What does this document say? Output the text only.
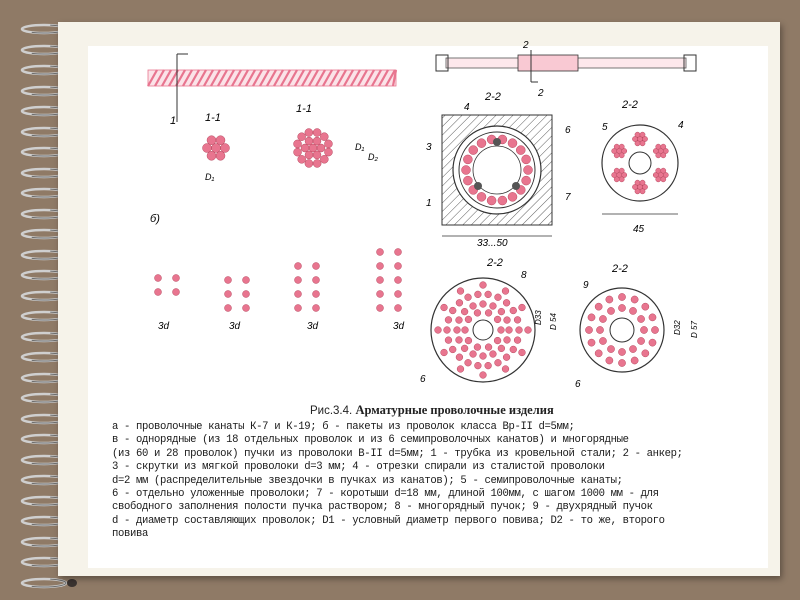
1
2
2
1-1
1-1
D₁
D₁
D₂
б)
3d	3d	3d	3d
2-2
33...50
3
4
6
1
7
2-2
45
5	4
2-2
8
6
D33 D 54
2-2
9
6
D32 D 57
Рис.3.4. Арматурные проволочные изделия
а - проволочные канаты К-7 и К-19; б - пакеты из проволок класса Вр-II d=5мм;
в - однорядные (из 18 отдельных проволок и из 6 семипроволочных канатов) и многорядные
(из 60 и 28 проволок) пучки из проволоки В-II d=5мм; 1 - трубка из кровельной стали; 2 - анкер;
3 - скрутки из мягкой проволоки d=3 мм; 4 - отрезки спирали из сталистой проволоки
d=2 мм (распределительные звездочки в пучках из канатов); 5 - семипроволочные канаты;
6 - отдельно уложенные проволоки; 7 - коротыши d=18 мм, длиной 100мм, с шагом 1000 мм - для
свободного заполнения полости пучка раствором; 8 - многорядный пучок; 9 - двухрядный пучок
d - диаметр составляющих проволок; D1 - условный диаметр первого повива; D2 - то же, второго
повива
